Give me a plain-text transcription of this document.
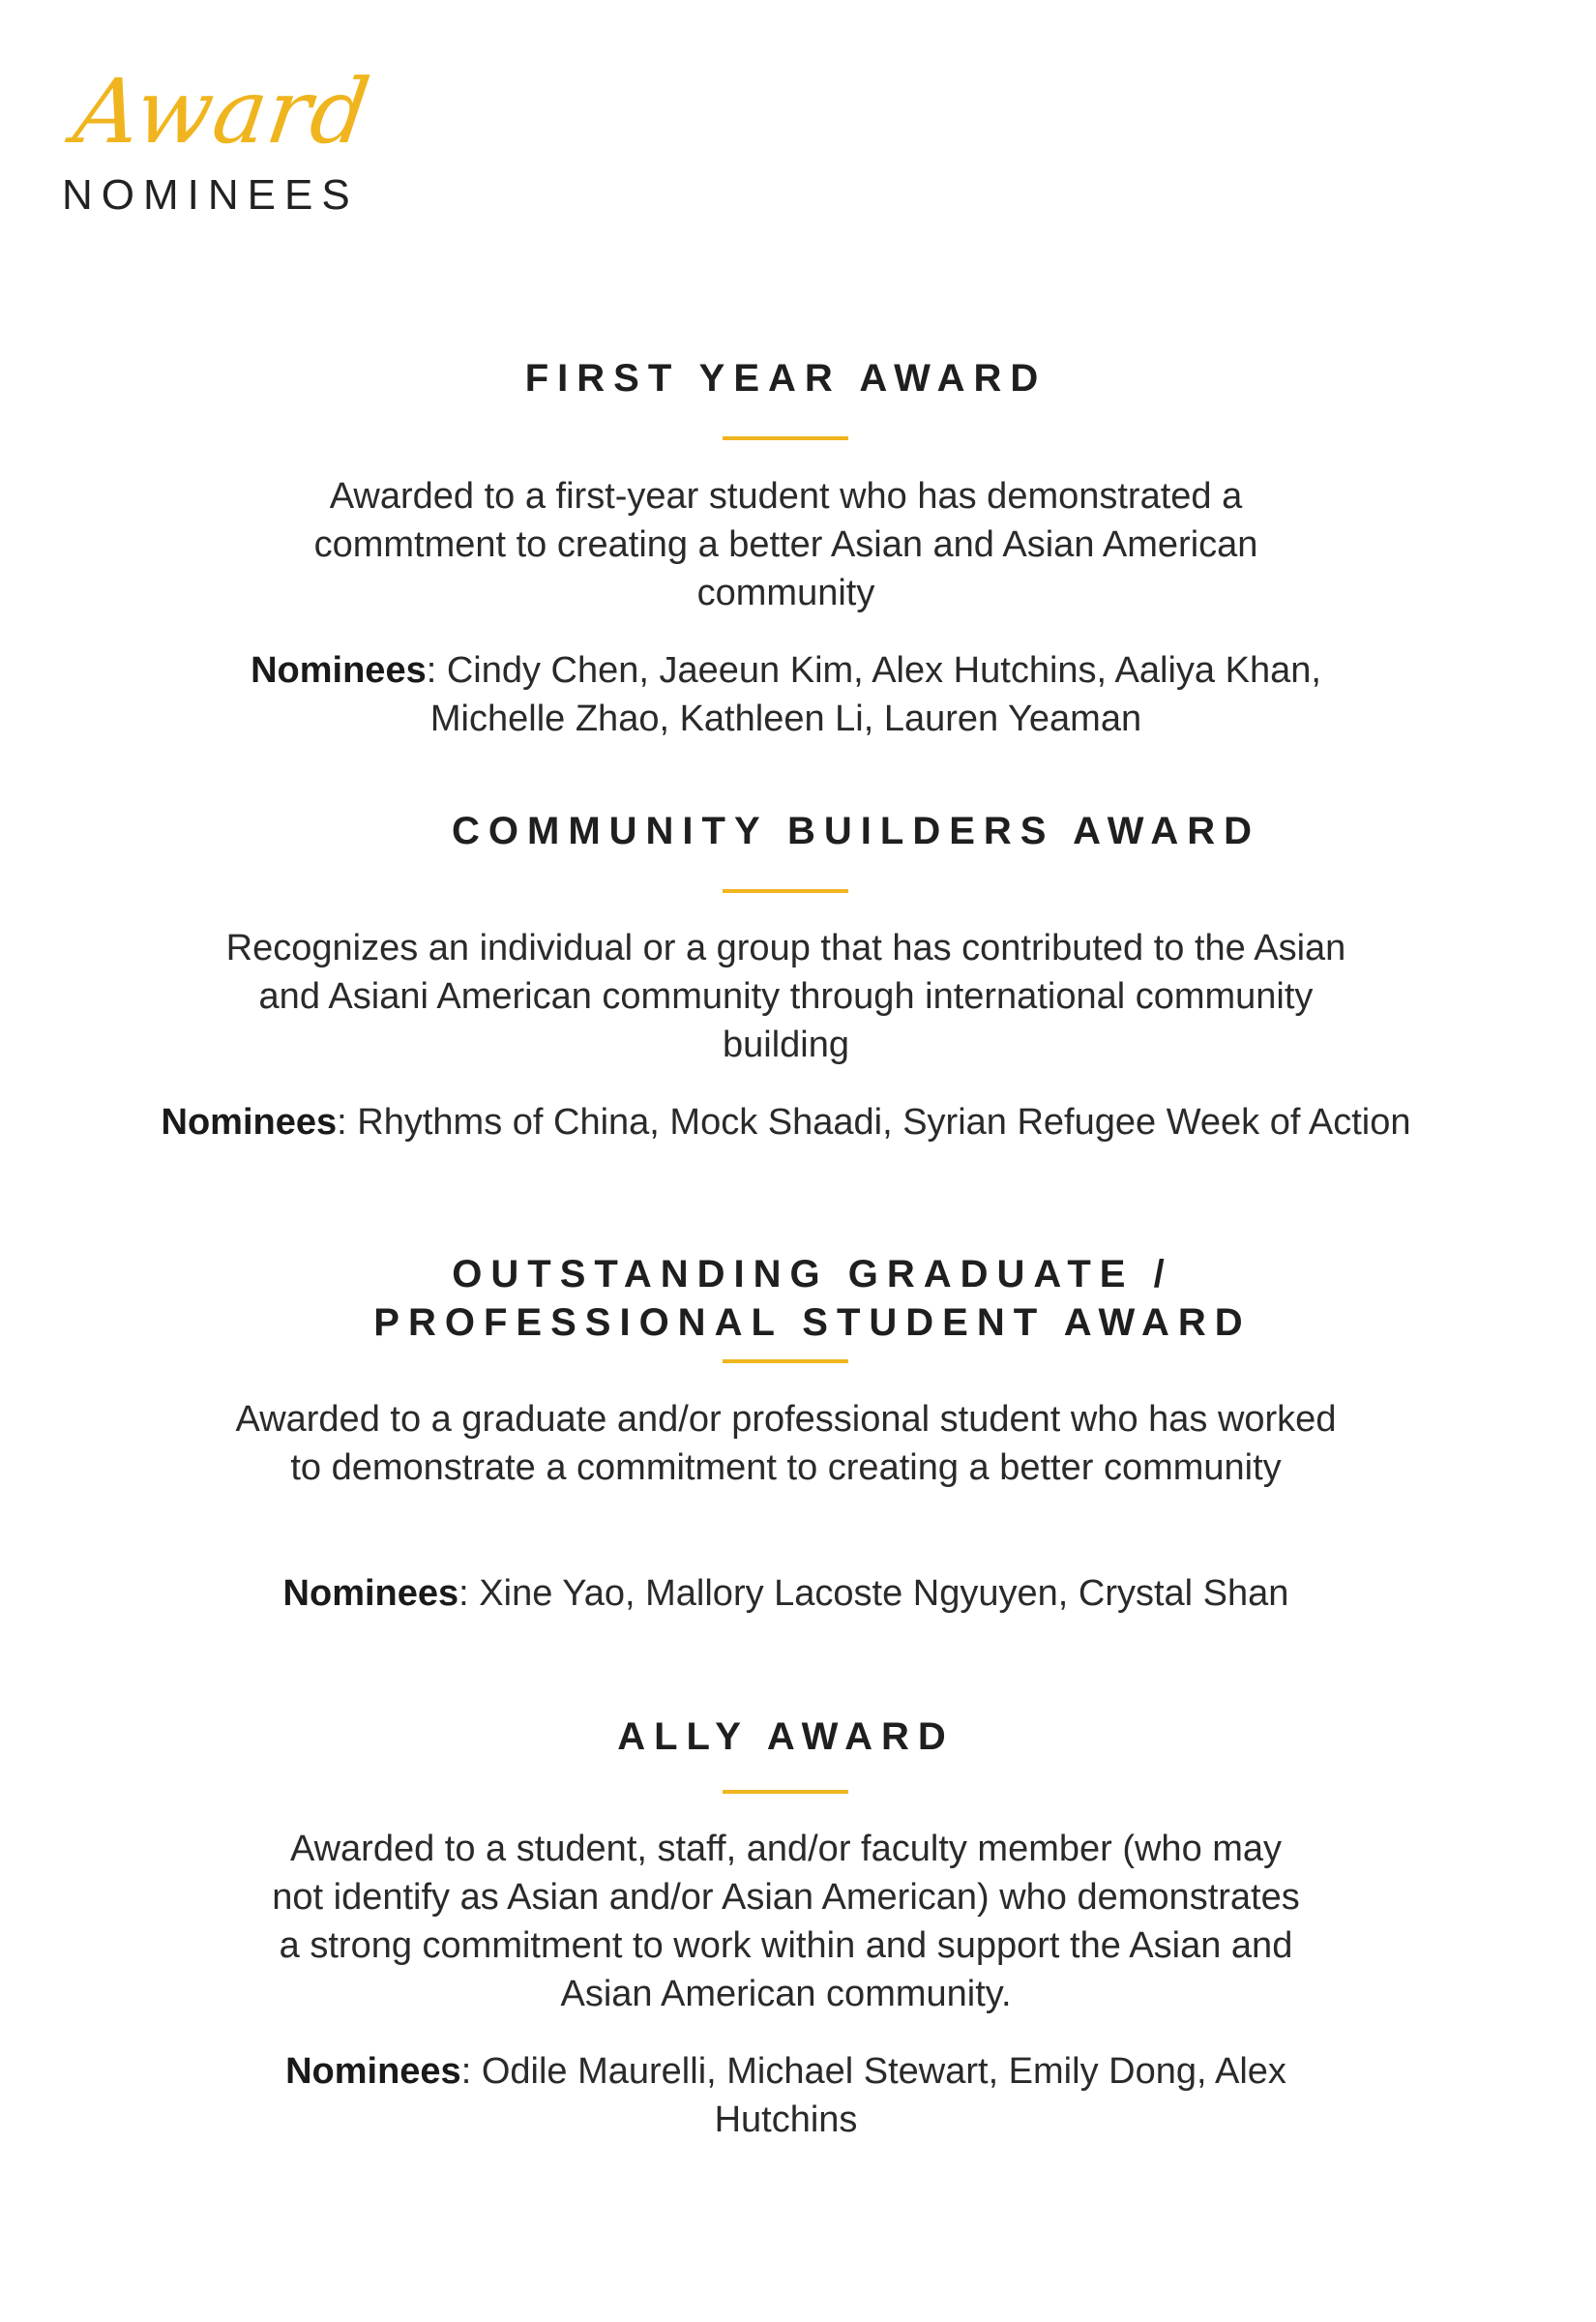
Award
NOMINEES
FIRST YEAR AWARD
Awarded to a first-year student who has demonstrated a commtment to creating a better Asian and Asian American community
Nominees: Cindy Chen, Jaeeun Kim, Alex Hutchins, Aaliya Khan, Michelle Zhao, Kathleen Li, Lauren Yeaman
COMMUNITY BUILDERS AWARD
Recognizes an individual or a group that has contributed to the Asian and Asiani American community through international community building
Nominees: Rhythms of China, Mock Shaadi, Syrian Refugee Week of Action
OUTSTANDING GRADUATE / PROFESSIONAL STUDENT AWARD
Awarded to a graduate and/or professional student who has worked to demonstrate a commitment to creating a better community
Nominees: Xine Yao, Mallory Lacoste Ngyuyen, Crystal Shan
ALLY AWARD
Awarded to a student, staff, and/or faculty member (who may not identify as Asian and/or Asian American) who demonstrates a strong commitment to work within and support the Asian and Asian American community.
Nominees: Odile Maurelli, Michael Stewart, Emily Dong, Alex Hutchins
